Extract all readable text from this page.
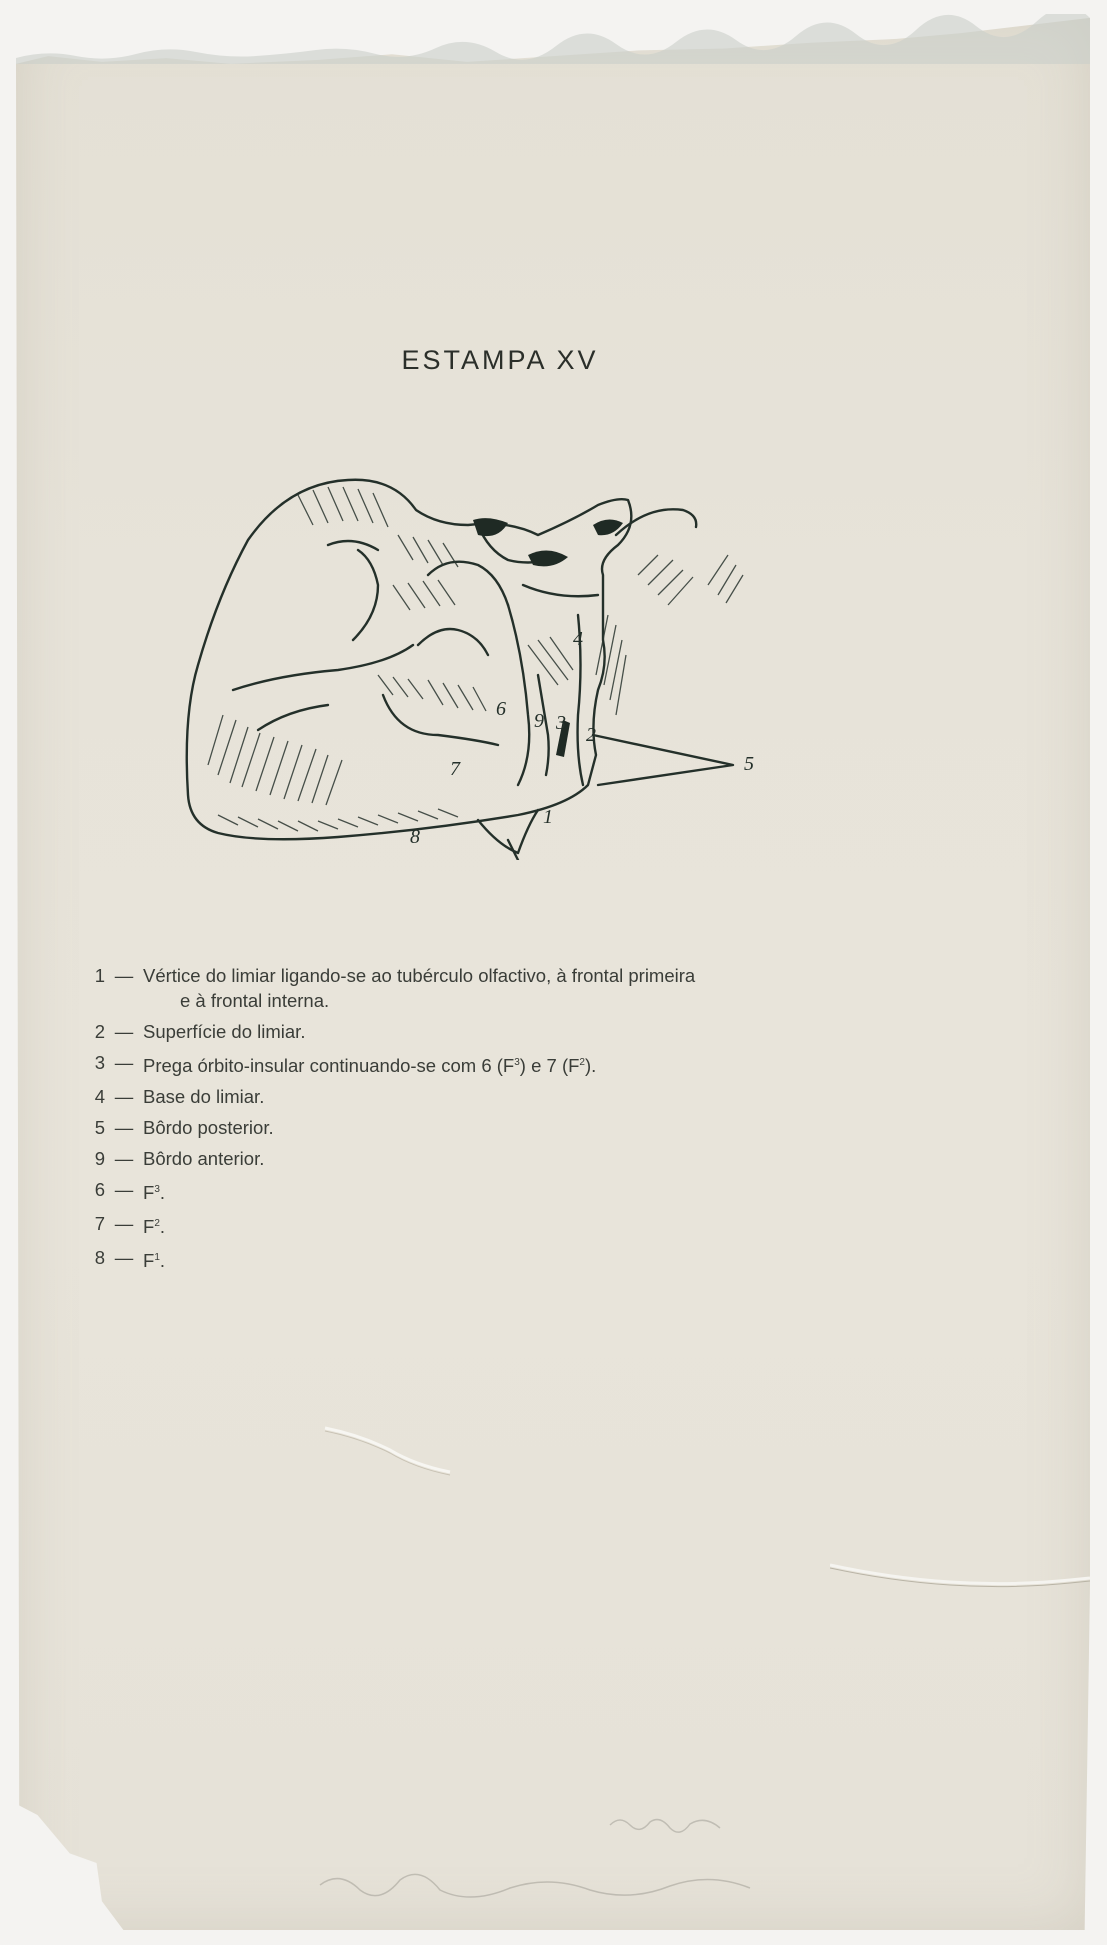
ESTAMPA XV
4
6
9 3
2
7	5
1
8
1 — Vértice do limiar ligando-se ao tubérculo olfactivo, à frontal primeira
e à frontal interna.
2 — Superfície do limiar.
3 — Prega órbito-insular continuando-se com 6 $(F^3)$ e 7 $(F^2)$.
4 — Base do limiar.
5 — Bôrdo posterior.
9 — Bôrdo anterior.
6 — $F^3$.
7 — $F^2$.
8 — $F^1$.
